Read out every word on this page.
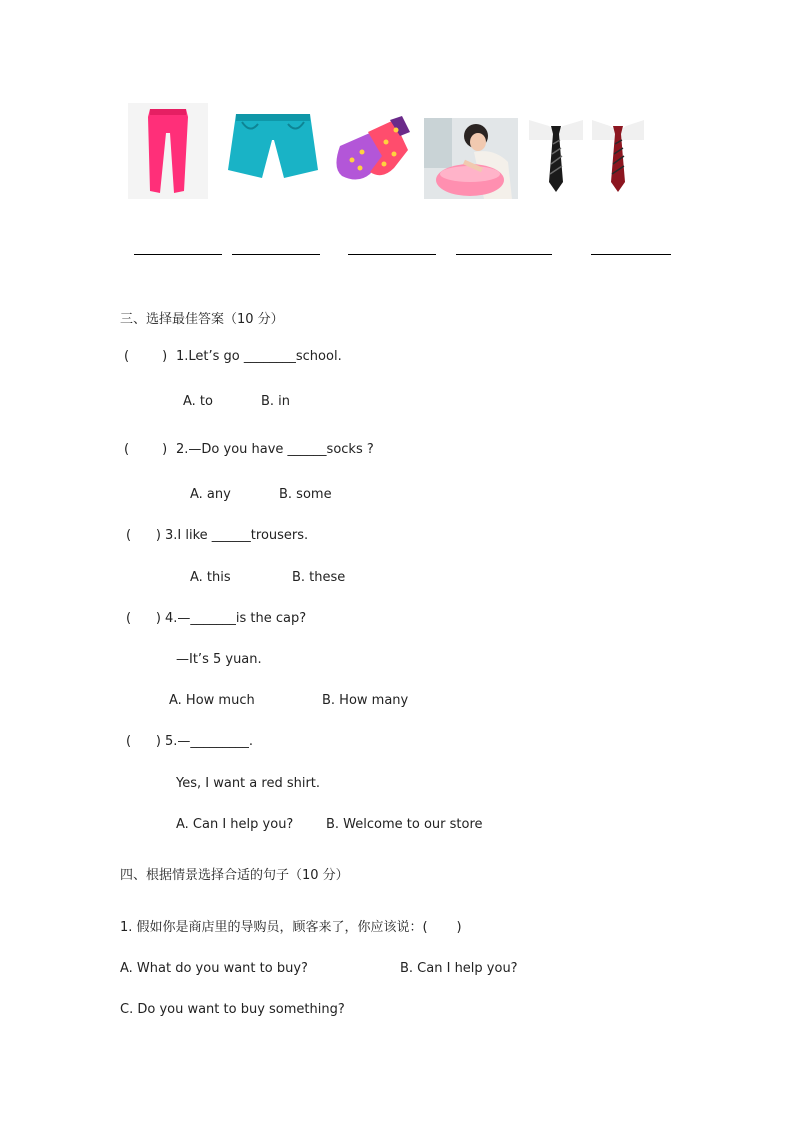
三、选择最佳答案（10 分）
(        ) 1.Let’s go ________school.
A. to	B. in
(        ) 2.—Do you have ______socks ?
A. any	B. some
(      ) 3.I like ______trousers.
A. this	B. these
(      ) 4.—_______is the cap?
—It’s 5 yuan.
A. How much	B. How many
(      ) 5.—_________.
Yes, I want a red shirt.
A. Can I help you?	B. Welcome to our store
四、根据情景选择合适的句子（10 分）
1. 假如你是商店里的导购员，顾客来了，你应该说：(       )
A. What do you want to buy?	B. Can I help you?
C. Do you want to buy something?
